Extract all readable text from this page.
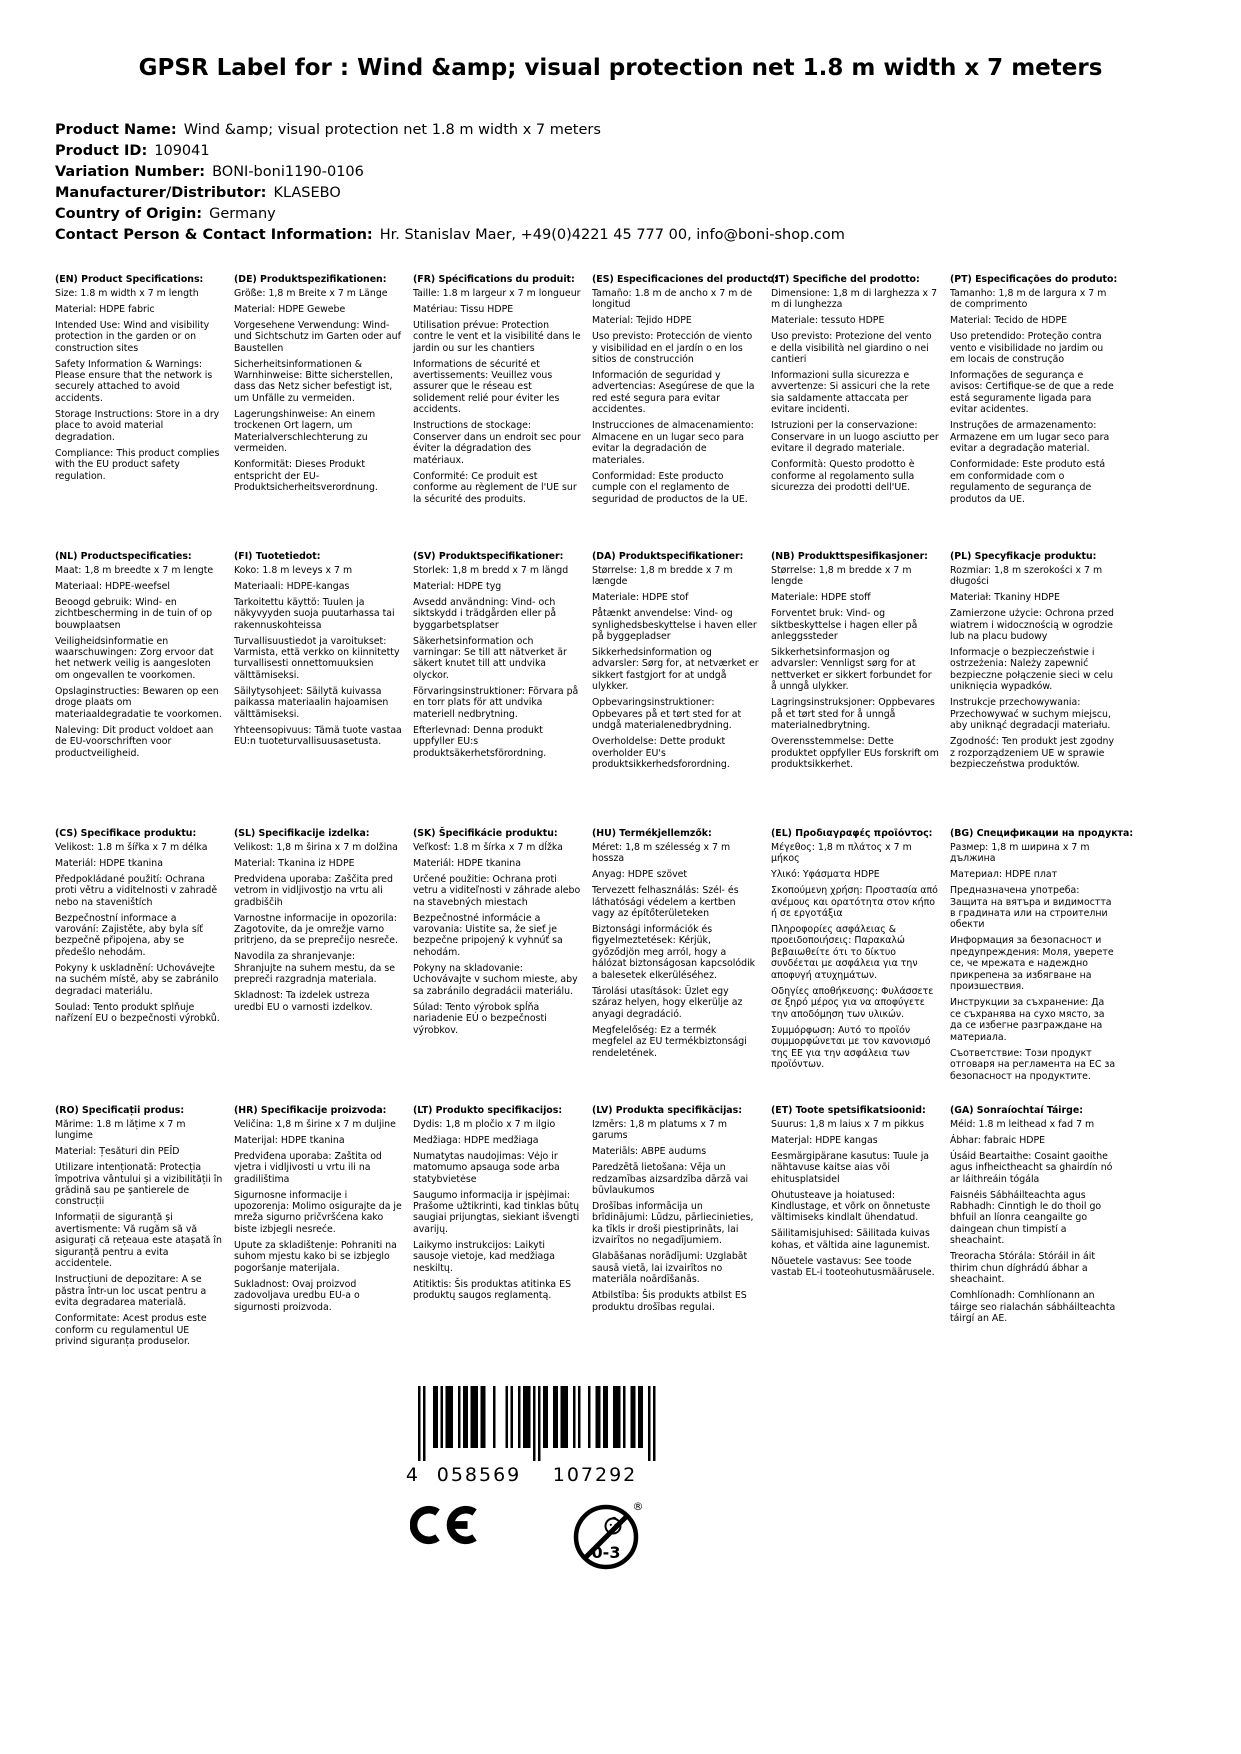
GPSR Label for : Wind &amp; visual protection net 1.8 m width x 7 meters
Product Name: Wind &amp; visual protection net 1.8 m width x 7 meters
Product ID: 109041
Variation Number: BONI-boni1190-0106
Manufacturer/Distributor: KLASEBO
Country of Origin: Germany
Contact Person & Contact Information: Hr. Stanislav Maer, +49(0)4221 45 777 00, info@boni-shop.com

(EN) Product Specifications:

Size: 1.8 m width x 7 m length

Material: HDPE fabric

Intended Use: Wind and visibility protection in the garden or on construction sites

Safety Information & Warnings: Please ensure that the network is securely attached to avoid accidents.

Storage Instructions: Store in a dry place to avoid material degradation.

Compliance: This product complies with the EU product safety regulation.

(DE) Produktspezifikationen:

Größe: 1,8 m Breite x 7 m Länge

Material: HDPE Gewebe

Vorgesehene Verwendung: Wind- und Sichtschutz im Garten oder auf Baustellen

Sicherheitsinformationen & Warnhinweise: Bitte sicherstellen, dass das Netz sicher befestigt ist, um Unfälle zu vermeiden.

Lagerungshinweise: An einem trockenen Ort lagern, um Materialverschlechterung zu vermeiden.

Konformität: Dieses Produkt entspricht der EU-Produktsicherheitsverordnung.

(FR) Spécifications du produit:

Taille: 1.8 m largeur x 7 m longueur

Matériau: Tissu HDPE

Utilisation prévue: Protection contre le vent et la visibilité dans le jardin ou sur les chantiers

Informations de sécurité et avertissements: Veuillez vous assurer que le réseau est solidement relié pour éviter les accidents.

Instructions de stockage: Conserver dans un endroit sec pour éviter la dégradation des matériaux.

Conformité: Ce produit est conforme au règlement de l'UE sur la sécurité des produits.

(ES) Especificaciones del producto:

Tamaño: 1.8 m de ancho x 7 m de longitud

Material: Tejido HDPE

Uso previsto: Protección de viento y visibilidad en el jardín o en los sitios de construcción

Información de seguridad y advertencias: Asegúrese de que la red esté segura para evitar accidentes.

Instrucciones de almacenamiento: Almacene en un lugar seco para evitar la degradación de materiales.

Conformidad: Este producto cumple con el reglamento de seguridad de productos de la UE.

(IT) Specifiche del prodotto:

Dimensione: 1,8 m di larghezza x 7 m di lunghezza

Materiale: tessuto HDPE

Uso previsto: Protezione del vento e della visibilità nel giardino o nei cantieri

Informazioni sulla sicurezza e avvertenze: Si assicuri che la rete sia saldamente attaccata per evitare incidenti.

Istruzioni per la conservazione: Conservare in un luogo asciutto per evitare il degrado materiale.

Conformità: Questo prodotto è conforme al regolamento sulla sicurezza dei prodotti dell'UE.

(PT) Especificações do produto:

Tamanho: 1,8 m de largura x 7 m de comprimento

Material: Tecido de HDPE

Uso pretendido: Proteção contra vento e visibilidade no jardim ou em locais de construção

Informações de segurança e avisos: Certifique-se de que a rede está seguramente ligada para evitar acidentes.

Instruções de armazenamento: Armazene em um lugar seco para evitar a degradação material.

Conformidade: Este produto está em conformidade com o regulamento de segurança de produtos da UE.

(NL) Productspecificaties:

Maat: 1,8 m breedte x 7 m lengte

Materiaal: HDPE-weefsel

Beoogd gebruik: Wind- en zichtbescherming in de tuin of op bouwplaatsen

Veiligheidsinformatie en waarschuwingen: Zorg ervoor dat het netwerk veilig is aangesloten om ongevallen te voorkomen.

Opslaginstructies: Bewaren op een droge plaats om materiaaldegradatie te voorkomen.

Naleving: Dit product voldoet aan de EU-voorschriften voor productveiligheid.

(FI) Tuotetiedot:

Koko: 1.8 m leveys x 7 m

Materiaali: HDPE-kangas

Tarkoitettu käyttö: Tuulen ja näkyvyyden suoja puutarhassa tai rakennuskohteissa

Turvallisuustiedot ja varoitukset: Varmista, että verkko on kiinnitetty turvallisesti onnettomuuksien välttämiseksi.

Säilytysohjeet: Säilytä kuivassa paikassa materiaalin hajoamisen välttämiseksi.

Yhteensopivuus: Tämä tuote vastaa EU:n tuoteturvallisuusasetusta.

(SV) Produktspecifikationer:

Storlek: 1,8 m bredd x 7 m längd

Material: HDPE tyg

Avsedd användning: Vind- och siktskydd i trädgården eller på byggarbetsplatser

Säkerhetsinformation och varningar: Se till att nätverket är säkert knutet till att undvika olyckor.

Förvaringsinstruktioner: Förvara på en torr plats för att undvika materiell nedbrytning.

Efterlevnad: Denna produkt uppfyller EU:s produktsäkerhetsförordning.

(DA) Produktspecifikationer:

Størrelse: 1,8 m bredde x 7 m længde

Materiale: HDPE stof

Påtænkt anvendelse: Vind- og synlighedsbeskyttelse i haven eller på byggepladser

Sikkerhedsinformation og advarsler: Sørg for, at netværket er sikkert fastgjort for at undgå ulykker.

Opbevaringsinstruktioner: Opbevares på et tørt sted for at undgå materialenedbrydning.

Overholdelse: Dette produkt overholder EU's produktsikkerhedsforordning.

(NB) Produkttspesifikasjoner:

Størrelse: 1,8 m bredde x 7 m lengde

Materiale: HDPE stoff

Forventet bruk: Vind- og siktbeskyttelse i hagen eller på anleggssteder

Sikkerhetsinformasjon og advarsler: Vennligst sørg for at nettverket er sikkert forbundet for å unngå ulykker.

Lagringsinstruksjoner: Oppbevares på et tørt sted for å unngå materialnedbrytning.

Overensstemmelse: Dette produktet oppfyller EUs forskrift om produktsikkerhet.

(PL) Specyfikacje produktu:

Rozmiar: 1,8 m szerokości x 7 m długości

Materiał: Tkaniny HDPE

Zamierzone użycie: Ochrona przed wiatrem i widocznością w ogrodzie lub na placu budowy

Informacje o bezpieczeństwie i ostrzeżenia: Należy zapewnić bezpieczne połączenie sieci w celu uniknięcia wypadków.

Instrukcje przechowywania: Przechowywać w suchym miejscu, aby uniknąć degradacji materiału.

Zgodność: Ten produkt jest zgodny z rozporządzeniem UE w sprawie bezpieczeństwa produktów.

(CS) Specifikace produktu:

Velikost: 1.8 m šířka x 7 m délka

Materiál: HDPE tkanina

Předpokládané použití: Ochrana proti větru a viditelnosti v zahradě nebo na staveništích

Bezpečnostní informace a varování: Zajistěte, aby byla síť bezpečně připojena, aby se předešlo nehodám.

Pokyny k uskladnění: Uchovávejte na suchém místě, aby se zabránilo degradaci materiálu.

Soulad: Tento produkt splňuje nařízení EU o bezpečnosti výrobků.

(SL) Specifikacije izdelka:

Velikost: 1,8 m širina x 7 m dolžina

Material: Tkanina iz HDPE

Predvidena uporaba: Zaščita pred vetrom in vidljivostjo na vrtu ali gradbiščih

Varnostne informacije in opozorila: Zagotovite, da je omrežje varno pritrjeno, da se preprečijo nesreče.

Navodila za shranjevanje: Shranjujte na suhem mestu, da se prepreči razgradnja materiala.

Skladnost: Ta izdelek ustreza uredbi EU o varnosti izdelkov.

(SK) Špecifikácie produktu:

Veľkosť: 1.8 m šírka x 7 m dĺžka

Materiál: HDPE tkanina

Určené použitie: Ochrana proti vetru a viditeľnosti v záhrade alebo na stavebných miestach

Bezpečnostné informácie a varovania: Uistite sa, že sieť je bezpečne pripojený k vyhnúť sa nehodám.

Pokyny na skladovanie: Uchovávajte v suchom mieste, aby sa zabránilo degradácii materiálu.

Súlad: Tento výrobok spĺňa nariadenie EÚ o bezpečnosti výrobkov.

(HU) Termékjellemzők:

Méret: 1,8 m szélesség x 7 m hossza

Anyag: HDPE szövet

Tervezett felhasználás: Szél- és láthatósági védelem a kertben vagy az építőterületeken

Biztonsági információk és figyelmeztetések: Kérjük, győződjön meg arról, hogy a hálózat biztonságosan kapcsolódik a balesetek elkerüléséhez.

Tárolási utasítások: Üzlet egy száraz helyen, hogy elkerülje az anyagi degradáció.

Megfelelőség: Ez a termék megfelel az EU termékbiztonsági rendeletének.

(EL) Προδιαγραφές προϊόντος:

Μέγεθος: 1,8 m πλάτος x 7 m μήκος

Υλικό: Υφάσματα HDPE

Σκοπούμενη χρήση: Προστασία από ανέμους και ορατότητα στον κήπο ή σε εργοτάξια

Πληροφορίες ασφάλειας & προειδοποιήσεις: Παρακαλώ βεβαιωθείτε ότι το δίκτυο συνδέεται με ασφάλεια για την αποφυγή ατυχημάτων.

Οδηγίες αποθήκευσης: Φυλάσσετε σε ξηρό μέρος για να αποφύγετε την αποδόμηση των υλικών.

Συμμόρφωση: Αυτό το προϊόν συμμορφώνεται με τον κανονισμό της ΕΕ για την ασφάλεια των προϊόντων.

(BG) Спецификации на продукта:

Размер: 1,8 m ширина x 7 m дължина

Материал: HDPE плат

Предназначена употреба: Защита на вятъра и видимостта в градината или на строителни обекти

Информация за безопасност и предупреждения: Моля, уверете се, че мрежата е надеждно прикрепена за избягване на произшествия.

Инструкции за съхранение: Да се съхранява на сухо място, за да се избегне разграждане на материала.

Съответствие: Този продукт отговаря на регламента на ЕС за безопасност на продуктите.

(RO) Specificații produs:

Mărime: 1.8 m lățime x 7 m lungime

Material: Țesături din PEÎD

Utilizare intenționată: Protecția împotriva vântului și a vizibilității în grădină sau pe șantierele de construcții

Informații de siguranță și avertismente: Vă rugăm să vă asigurați că rețeaua este atașată în siguranță pentru a evita accidentele.

Instrucțiuni de depozitare: A se păstra într-un loc uscat pentru a evita degradarea materială.

Conformitate: Acest produs este conform cu regulamentul UE privind siguranța produselor.

(HR) Specifikacije proizvoda:

Veličina: 1,8 m širine x 7 m duljine

Materijal: HDPE tkanina

Predviđena uporaba: Zaštita od vjetra i vidljivosti u vrtu ili na gradilištima

Sigurnosne informacije i upozorenja: Molimo osigurajte da je mreža sigurno pričvršćena kako biste izbjegli nesreće.

Upute za skladištenje: Pohraniti na suhom mjestu kako bi se izbjeglo pogoršanje materijala.

Sukladnost: Ovaj proizvod zadovoljava uredbu EU-a o sigurnosti proizvoda.

(LT) Produkto specifikacijos:

Dydis: 1,8 m pločio x 7 m ilgio

Medžiaga: HDPE medžiaga

Numatytas naudojimas: Vėjo ir matomumo apsauga sode arba statybvietėse

Saugumo informacija ir įspėjimai: Prašome užtikrinti, kad tinklas būtų saugiai prijungtas, siekiant išvengti avarijų.

Laikymo instrukcijos: Laikyti sausoje vietoje, kad medžiaga neskiltų.

Atitiktis: Šis produktas atitinka ES produktų saugos reglamentą.

(LV) Produkta specifikācijas:

Izmērs: 1,8 m platums x 7 m garums

Materiāls: ABPE audums

Paredzētā lietošana: Vēja un redzamības aizsardzība dārzā vai būvlaukumos

Drošības informācija un brīdinājumi: Lūdzu, pārliecinieties, ka tīkls ir droši piestiprināts, lai izvairītos no negadījumiem.

Glabāšanas norādījumi: Uzglabāt sausā vietā, lai izvairītos no materiāla noārdīšanās.

Atbilstība: Šis produkts atbilst ES produktu drošības regulai.

(ET) Toote spetsifikatsioonid:

Suurus: 1,8 m laius x 7 m pikkus

Materjal: HDPE kangas

Eesmärgipärane kasutus: Tuule ja nähtavuse kaitse aias või ehitusplatsidel

Ohutusteave ja hoiatused: Kindlustage, et võrk on õnnetuste vältimiseks kindlalt ühendatud.

Säilitamisjuhised: Säilitada kuivas kohas, et vältida aine lagunemist.

Nõuetele vastavus: See toode vastab EL-i tooteohutusmäärusele.

(GA) Sonraíochtaí Táirge:

Méid: 1.8 m leithead x fad 7 m

Ábhar: fabraic HDPE

Úsáid Beartaithe: Cosaint gaoithe agus infheictheacht sa ghairdín nó ar láithreáin tógála

Faisnéis Sábháilteachta agus Rabhadh: Cinntigh le do thoil go bhfuil an líonra ceangailte go daingean chun timpistí a sheachaint.

Treoracha Stórála: Stóráil in áit thirim chun díghrádú ábhar a sheachaint.

Comhlíonadh: Comhlíonann an táirge seo rialachán sábháilteachta táirgí an AE.

4 058569	107292
0-3
®
